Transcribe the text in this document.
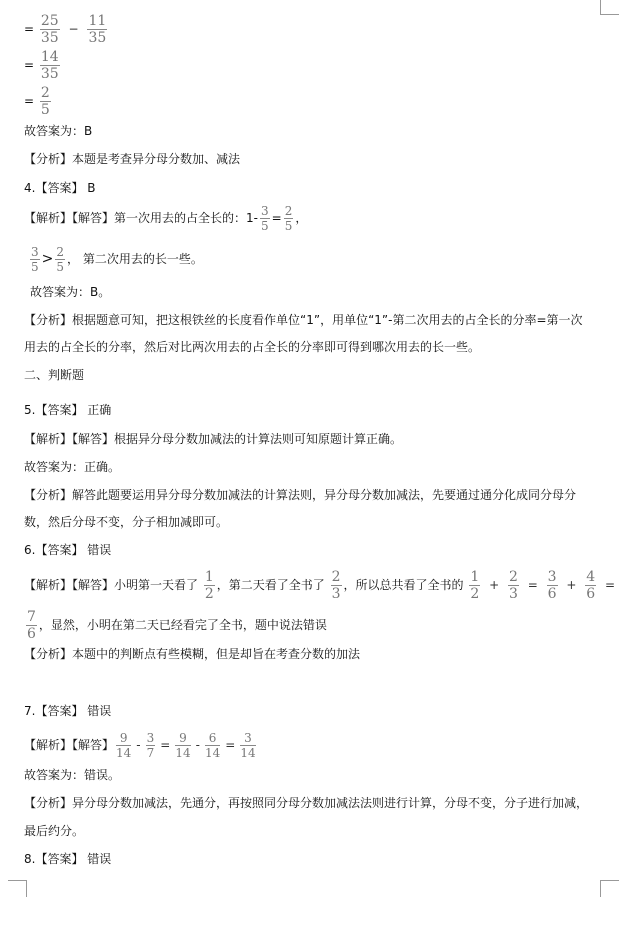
= $\frac{25}{35} - \frac{11}{35}$
= $\frac{14}{35}$
= $\frac{2}{5}$
故答案为：B
【分析】本题是考查异分母分数加、减法
4.【答案】 B
【解析】【解答】第一次用去的占全长的：$1- \frac{3}{5} = \frac{2}{5}$ ，
$\frac{3}{5} > \frac{2}{5}$ ， 第二次用去的长一些。
故答案为：B。
【分析】根据题意可知，把这根铁丝的长度看作单位“1”，用单位“1”-第二次用去的占全长的分率=第一次
用去的占全长的分率，然后对比两次用去的占全长的分率即可得到哪次用去的长一些。
二、判断题
5.【答案】 正确
【解析】【解答】根据异分母分数加减法的计算法则可知原题计算正确。
故答案为：正确。
【分析】解答此题要运用异分母分数加减法的计算法则，异分母分数加减法，先要通过通分化成同分母分
数，然后分母不变，分子相加减即可。
6.【答案】 错误
【解析】【解答】小明第一天看了 $\frac{1}{2}$ ，第二天看了全书了 $\frac{2}{3}$ ，所以总共看了全书的 $\frac{1}{2} + \frac{2}{3} = \frac{3}{6} + \frac{4}{6}$ =
$\frac{7}{6}$ ，显然，小明在第二天已经看完了全书，题中说法错误
【分析】本题中的判断点有些模糊，但是却旨在考查分数的加法
7.【答案】 错误
【解析】【解答】 $\frac{9}{14} - \frac{3}{7} = \frac{9}{14} - \frac{6}{14} = \frac{3}{14}$
故答案为：错误。
【分析】异分母分数加减法，先通分，再按照同分母分数加减法法则进行计算，分母不变，分子进行加减，
最后约分。
8.【答案】 错误
